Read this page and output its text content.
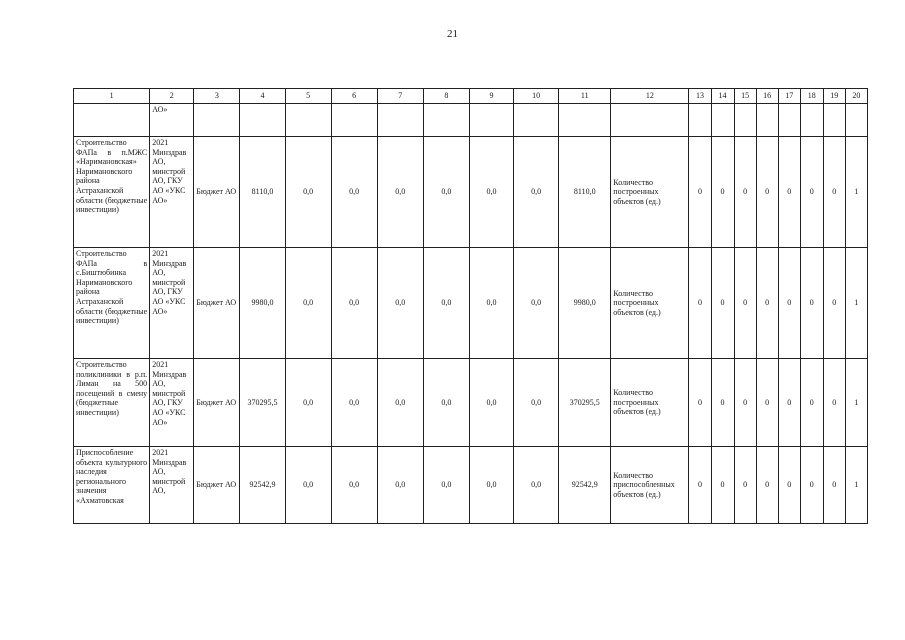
21
1	2	3	4	5	6	7	8	9	10	11	12	13	14	15	16	17	18	19	20
	АО»																		
Строительство ФАПа в п.МЖС «Наримановская» Наримановского района Астраханской области (бюджетные инвестиции)	2021 Минздрав АО, минстрой АО, ГКУ АО «УКС АО»	Бюджет АО	8110,0	0,0	0,0	0,0	0,0	0,0	0,0	8110,0	Количество построенных объектов (ед.)	0	0	0	0	0	0	0	1
Строительство ФАПа в с.Биштюбинка Наримановского района Астраханской области (бюджетные инвестиции)	2021 Минздрав АО, минстрой АО, ГКУ АО «УКС АО»	Бюджет АО	9980,0	0,0	0,0	0,0	0,0	0,0	0,0	9980,0	Количество построенных объектов (ед.)	0	0	0	0	0	0	0	1
Строительство поликлиники в р.п. Лиман на 500 посещений в смену (бюджетные инвестиции)	2021 Минздрав АО, минстрой АО, ГКУ АО «УКС АО»	Бюджет АО	370295,5	0,0	0,0	0,0	0,0	0,0	0,0	370295,5	Количество построенных объектов (ед.)	0	0	0	0	0	0	0	1
Приспособление объекта культурного наследия регионального значения «Ахматовская	2021 Минздрав АО, минстрой АО,	Бюджет АО	92542,9	0,0	0,0	0,0	0,0	0,0	0,0	92542,9	Количество приспособленных объектов (ед.)	0	0	0	0	0	0	0	1
